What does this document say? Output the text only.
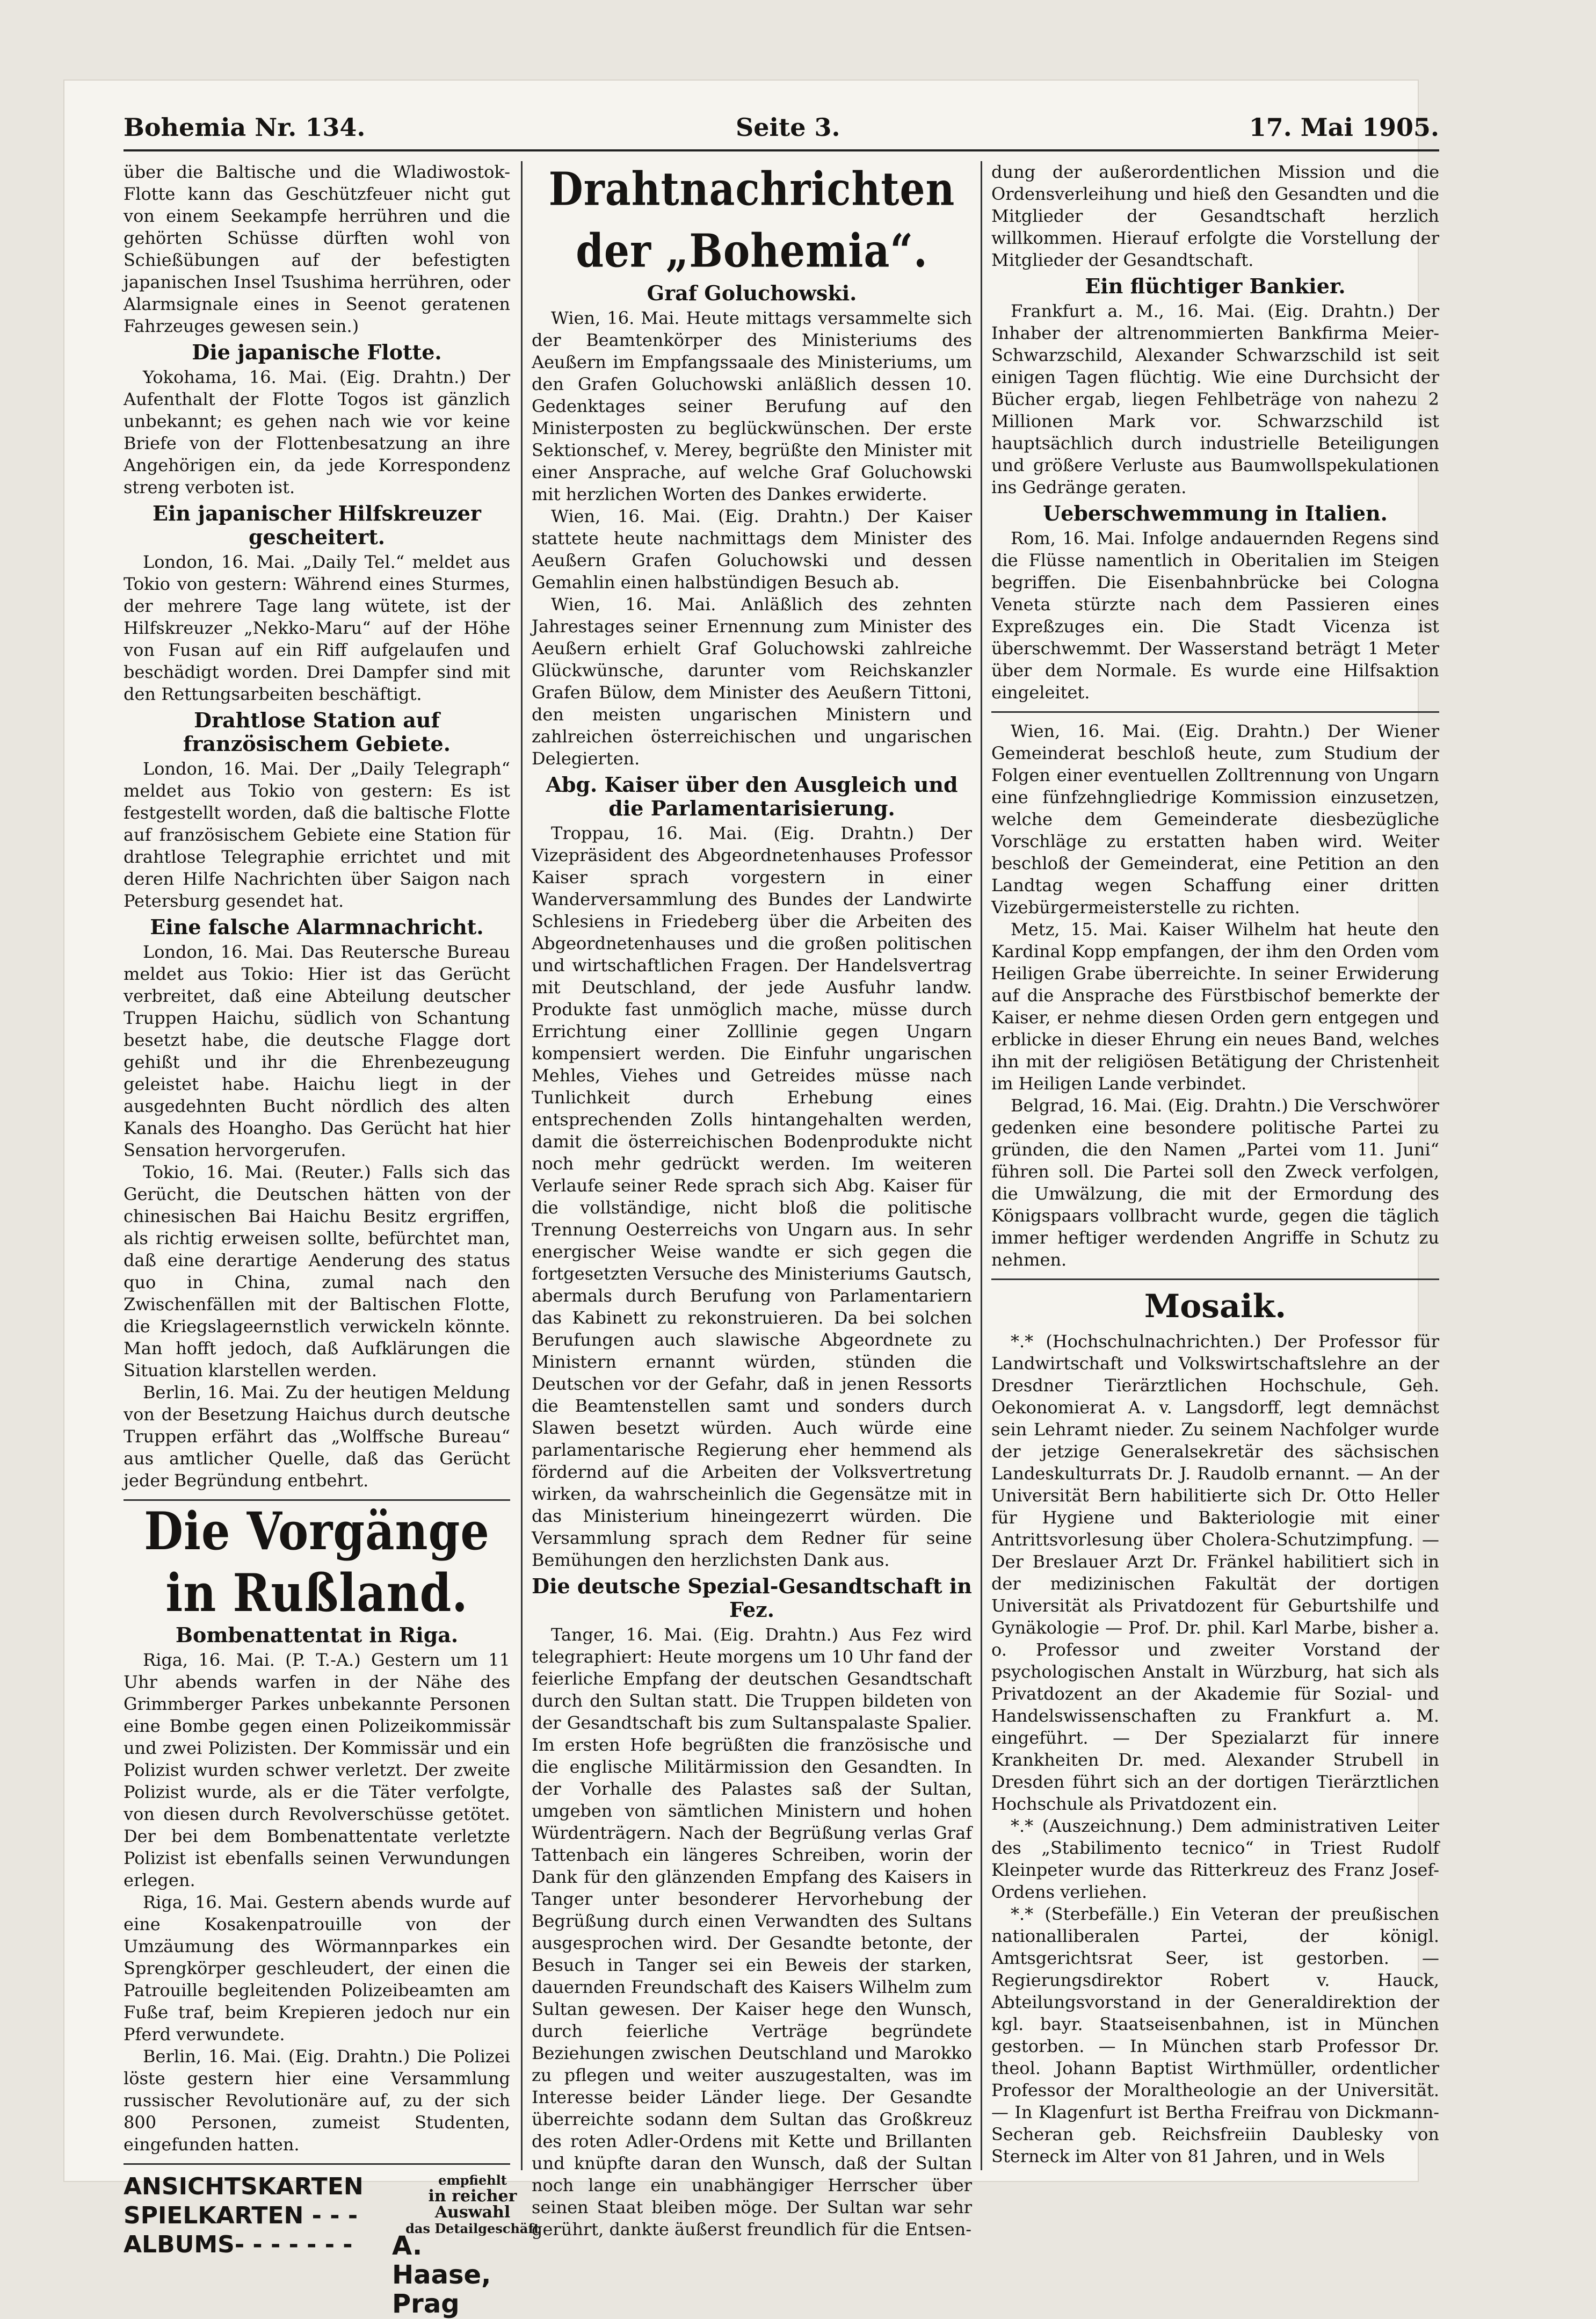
Bohemia Nr. 134.	Seite 3.	17. Mai 1905.

über die Baltische und die Wladiwostok-Flotte kann das Geschützfeuer nicht gut von einem Seekampfe herrühren und die gehörten Schüsse dürften wohl von Schießübungen auf der befestigten japanischen Insel Tsushima herrühren, oder Alarmsignale eines in Seenot geratenen Fahrzeuges gewesen sein.)

Die japanische Flotte.

Yokohama, 16. Mai. (Eig. Drahtn.) Der Aufenthalt der Flotte Togos ist gänzlich unbekannt; es gehen nach wie vor keine Briefe von der Flottenbesatzung an ihre Angehörigen ein, da jede Korrespondenz streng verboten ist.

Ein japanischer Hilfskreuzer gescheitert.

London, 16. Mai. „Daily Tel.“ meldet aus Tokio von gestern: Während eines Sturmes, der mehrere Tage lang wütete, ist der Hilfskreuzer „Nekko-Maru“ auf der Höhe von Fusan auf ein Riff aufgelaufen und beschädigt worden. Drei Dampfer sind mit den Rettungsarbeiten beschäftigt.

Drahtlose Station auf französischem Gebiete.

London, 16. Mai. Der „Daily Telegraph“ meldet aus Tokio von gestern: Es ist festgestellt worden, daß die baltische Flotte auf französischem Gebiete eine Station für drahtlose Telegraphie errichtet und mit deren Hilfe Nachrichten über Saigon nach Petersburg gesendet hat.

Eine falsche Alarmnachricht.

London, 16. Mai. Das Reutersche Bureau meldet aus Tokio: Hier ist das Gerücht verbreitet, daß eine Abteilung deutscher Truppen Haichu, südlich von Schantung besetzt habe, die deutsche Flagge dort gehißt und ihr die Ehrenbezeugung geleistet habe. Haichu liegt in der ausgedehnten Bucht nördlich des alten Kanals des Hoangho. Das Gerücht hat hier Sensation hervorgerufen.

Tokio, 16. Mai. (Reuter.) Falls sich das Gerücht, die Deutschen hätten von der chinesischen Bai Haichu Besitz ergriffen, als richtig erweisen sollte, befürchtet man, daß eine derartige Aenderung des status quo in China, zumal nach den Zwischenfällen mit der Baltischen Flotte, die Kriegslageernstlich verwickeln könnte. Man hofft jedoch, daß Aufklärungen die Situation klarstellen werden.

Berlin, 16. Mai. Zu der heutigen Meldung von der Besetzung Haichus durch deutsche Truppen erfährt das „Wolffsche Bureau“ aus amtlicher Quelle, daß das Gerücht jeder Begründung entbehrt.

Die Vorgänge in Rußland.
Bombenattentat in Riga.

Riga, 16. Mai. (P. T.-A.) Gestern um 11 Uhr abends warfen in der Nähe des Grimmberger Parkes unbekannte Personen eine Bombe gegen einen Polizeikommissär und zwei Polizisten. Der Kommissär und ein Polizist wurden schwer verletzt. Der zweite Polizist wurde, als er die Täter verfolgte, von diesen durch Revolverschüsse getötet. Der bei dem Bombenattentate verletzte Polizist ist ebenfalls seinen Verwundungen erlegen.

Riga, 16. Mai. Gestern abends wurde auf eine Kosakenpatrouille von der Umzäumung des Wörmannparkes ein Sprengkörper geschleudert, der einen die Patrouille begleitenden Polizeibeamten am Fuße traf, beim Krepieren jedoch nur ein Pferd verwundete.

Berlin, 16. Mai. (Eig. Drahtn.) Die Polizei löste gestern hier eine Versammlung russischer Revolutionäre auf, zu der sich 800 Personen, zumeist Studenten, eingefunden hatten.

ANSICHTSKARTEN
SPIELKARTEN - - -
ALBUMS- - - - - - -
empfiehlt
in reicher Auswahl
das Detailgeschäft
A. Haase, Prag
Drahtnachrichten der „Bohemia“.
Graf Goluchowski.

Wien, 16. Mai. Heute mittags versammelte sich der Beamtenkörper des Ministeriums des Aeußern im Empfangssaale des Ministeriums, um den Grafen Goluchowski anläßlich dessen 10. Gedenktages seiner Berufung auf den Ministerposten zu beglückwünschen. Der erste Sektionschef, v. Merey, begrüßte den Minister mit einer Ansprache, auf welche Graf Goluchowski mit herzlichen Worten des Dankes erwiderte.

Wien, 16. Mai. (Eig. Drahtn.) Der Kaiser stattete heute nachmittags dem Minister des Aeußern Grafen Goluchowski und dessen Gemahlin einen halbstündigen Besuch ab.

Wien, 16. Mai. Anläßlich des zehnten Jahrestages seiner Ernennung zum Minister des Aeußern erhielt Graf Goluchowski zahlreiche Glückwünsche, darunter vom Reichskanzler Grafen Bülow, dem Minister des Aeußern Tittoni, den meisten ungarischen Ministern und zahlreichen österreichischen und ungarischen Delegierten.

Abg. Kaiser über den Ausgleich und die Parlamentarisierung.

Troppau, 16. Mai. (Eig. Drahtn.) Der Vizepräsident des Abgeordnetenhauses Professor Kaiser sprach vorgestern in einer Wanderversammlung des Bundes der Landwirte Schlesiens in Friedeberg über die Arbeiten des Abgeordnetenhauses und die großen politischen und wirtschaftlichen Fragen. Der Handelsvertrag mit Deutschland, der jede Ausfuhr landw. Produkte fast unmöglich mache, müsse durch Errichtung einer Zolllinie gegen Ungarn kompensiert werden. Die Einfuhr ungarischen Mehles, Viehes und Getreides müsse nach Tunlichkeit durch Erhebung eines entsprechenden Zolls hintangehalten werden, damit die österreichischen Bodenprodukte nicht noch mehr gedrückt werden. Im weiteren Verlaufe seiner Rede sprach sich Abg. Kaiser für die vollständige, nicht bloß die politische Trennung Oesterreichs von Ungarn aus. In sehr energischer Weise wandte er sich gegen die fortgesetzten Versuche des Ministeriums Gautsch, abermals durch Berufung von Parlamentariern das Kabinett zu rekonstruieren. Da bei solchen Berufungen auch slawische Abgeordnete zu Ministern ernannt würden, stünden die Deutschen vor der Gefahr, daß in jenen Ressorts die Beamtenstellen samt und sonders durch Slawen besetzt würden. Auch würde eine parlamentarische Regierung eher hemmend als fördernd auf die Arbeiten der Volksvertretung wirken, da wahrscheinlich die Gegensätze mit in das Ministerium hineingezerrt würden. Die Versammlung sprach dem Redner für seine Bemühungen den herzlichsten Dank aus.

Die deutsche Spezial-Gesandtschaft in Fez.

Tanger, 16. Mai. (Eig. Drahtn.) Aus Fez wird telegraphiert: Heute morgens um 10 Uhr fand der feierliche Empfang der deutschen Gesandtschaft durch den Sultan statt. Die Truppen bildeten von der Gesandtschaft bis zum Sultanspalaste Spalier. Im ersten Hofe begrüßten die französische und die englische Militärmission den Gesandten. In der Vorhalle des Palastes saß der Sultan, umgeben von sämtlichen Ministern und hohen Würdenträgern. Nach der Begrüßung verlas Graf Tattenbach ein längeres Schreiben, worin der Dank für den glänzenden Empfang des Kaisers in Tanger unter besonderer Hervorhebung der Begrüßung durch einen Verwandten des Sultans ausgesprochen wird. Der Gesandte betonte, der Besuch in Tanger sei ein Beweis der starken, dauernden Freundschaft des Kaisers Wilhelm zum Sultan gewesen. Der Kaiser hege den Wunsch, durch feierliche Verträge begründete Beziehungen zwischen Deutschland und Marokko zu pflegen und weiter auszugestalten, was im Interesse beider Länder liege. Der Gesandte überreichte sodann dem Sultan das Großkreuz des roten Adler-Ordens mit Kette und Brillanten und knüpfte daran den Wunsch, daß der Sultan noch lange ein unabhängiger Herrscher über seinen Staat bleiben möge. Der Sultan war sehr gerührt, dankte äußerst freundlich für die Entsen-

dung der außerordentlichen Mission und die Ordensverleihung und hieß den Gesandten und die Mitglieder der Gesandtschaft herzlich willkommen. Hierauf erfolgte die Vorstellung der Mitglieder der Gesandtschaft.

Ein flüchtiger Bankier.

Frankfurt a. M., 16. Mai. (Eig. Drahtn.) Der Inhaber der altrenommierten Bankfirma Meier-Schwarzschild, Alexander Schwarzschild ist seit einigen Tagen flüchtig. Wie eine Durchsicht der Bücher ergab, liegen Fehlbeträge von nahezu 2 Millionen Mark vor. Schwarzschild ist hauptsächlich durch industrielle Beteiligungen und größere Verluste aus Baumwollspekulationen ins Gedränge geraten.

Ueberschwemmung in Italien.

Rom, 16. Mai. Infolge andauernden Regens sind die Flüsse namentlich in Oberitalien im Steigen begriffen. Die Eisenbahnbrücke bei Cologna Veneta stürzte nach dem Passieren eines Expreßzuges ein. Die Stadt Vicenza ist überschwemmt. Der Wasserstand beträgt 1 Meter über dem Normale. Es wurde eine Hilfsaktion eingeleitet.

Wien, 16. Mai. (Eig. Drahtn.) Der Wiener Gemeinderat beschloß heute, zum Studium der Folgen einer eventuellen Zolltrennung von Ungarn eine fünfzehngliedrige Kommission einzusetzen, welche dem Gemeinderate diesbezügliche Vorschläge zu erstatten haben wird. Weiter beschloß der Gemeinderat, eine Petition an den Landtag wegen Schaffung einer dritten Vizebürgermeisterstelle zu richten.

Metz, 15. Mai. Kaiser Wilhelm hat heute den Kardinal Kopp empfangen, der ihm den Orden vom Heiligen Grabe überreichte. In seiner Erwiderung auf die Ansprache des Fürstbischof bemerkte der Kaiser, er nehme diesen Orden gern entgegen und erblicke in dieser Ehrung ein neues Band, welches ihn mit der religiösen Betätigung der Christenheit im Heiligen Lande verbindet.

Belgrad, 16. Mai. (Eig. Drahtn.) Die Verschwörer gedenken eine besondere politische Partei zu gründen, die den Namen „Partei vom 11. Juni“ führen soll. Die Partei soll den Zweck verfolgen, die Umwälzung, die mit der Ermordung des Königspaars vollbracht wurde, gegen die täglich immer heftiger werdenden Angriffe in Schutz zu nehmen.

Mosaik.

*.* (Hochschulnachrichten.) Der Professor für Landwirtschaft und Volkswirtschaftslehre an der Dresdner Tierärztlichen Hochschule, Geh. Oekonomierat A. v. Langsdorff, legt demnächst sein Lehramt nieder. Zu seinem Nachfolger wurde der jetzige Generalsekretär des sächsischen Landeskulturrats Dr. J. Raudolb ernannt. — An der Universität Bern habilitierte sich Dr. Otto Heller für Hygiene und Bakteriologie mit einer Antrittsvorlesung über Cholera-Schutzimpfung. — Der Breslauer Arzt Dr. Fränkel habilitiert sich in der medizinischen Fakultät der dortigen Universität als Privatdozent für Geburtshilfe und Gynäkologie — Prof. Dr. phil. Karl Marbe, bisher a. o. Professor und zweiter Vorstand der psychologischen Anstalt in Würzburg, hat sich als Privatdozent an der Akademie für Sozial- und Handelswissenschaften zu Frankfurt a. M. eingeführt. — Der Spezialarzt für innere Krankheiten Dr. med. Alexander Strubell in Dresden führt sich an der dortigen Tierärztlichen Hochschule als Privatdozent ein.

*.* (Auszeichnung.) Dem administrativen Leiter des „Stabilimento tecnico“ in Triest Rudolf Kleinpeter wurde das Ritterkreuz des Franz Josef-Ordens verliehen.

*.* (Sterbefälle.) Ein Veteran der preußischen nationalliberalen Partei, der königl. Amtsgerichtsrat Seer, ist gestorben. — Regierungsdirektor Robert v. Hauck, Abteilungsvorstand in der Generaldirektion der kgl. bayr. Staatseisenbahnen, ist in München gestorben. — In München starb Professor Dr. theol. Johann Baptist Wirthmüller, ordentlicher Professor der Moraltheologie an der Universität. — In Klagenfurt ist Bertha Freifrau von Dickmann-Secheran geb. Reichsfreiin Daublesky von Sterneck im Alter von 81 Jahren, und in Wels
